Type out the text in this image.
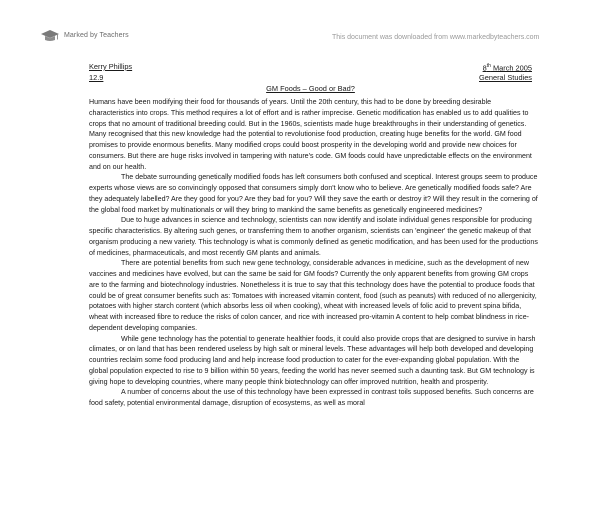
Marked by Teachers	This document was downloaded from www.markedbyteachers.com
Kerry Phillips
12.9
8th March 2005
General Studies
GM Foods – Good or Bad?

Humans have been modifying their food for thousands of years. Until the 20th century, this had to be done by breeding desirable characteristics into crops. This method requires a lot of effort and is rather imprecise. Genetic modification has enabled us to add qualities to crops that no amount of traditional breeding could. But in the 1960s, scientists made huge breakthroughs in their understanding of genetics. Many recognised that this new knowledge had the potential to revolutionise food production, creating huge benefits for the world. GM food promises to provide enormous benefits. Many modified crops could boost prosperity in the developing world and provide new choices for consumers. But there are huge risks involved in tampering with nature's code. GM foods could have unpredictable effects on the environment and on our health.

The debate surrounding genetically modified foods has left consumers both confused and sceptical. Interest groups seem to produce experts whose views are so convincingly opposed that consumers simply don't know who to believe. Are genetically modified foods safe? Are they adequately labelled? Are they good for you? Are they bad for you? Will they save the earth or destroy it? Will they result in the cornering of the global food market by multinationals or will they bring to mankind the same benefits as genetically engineered medicines?

Due to huge advances in science and technology, scientists can now identify and isolate individual genes responsible for producing specific characteristics. By altering such genes, or transferring them to another organism, scientists can 'engineer' the genetic makeup of that organism producing a new variety. This technology is what is commonly defined as genetic modification, and has been used for the productions of medicines, pharmaceuticals, and most recently GM plants and animals.

There are potential benefits from such new gene technology, considerable advances in medicine, such as the development of new vaccines and medicines have evolved, but can the same be said for GM foods? Currently the only apparent benefits from growing GM crops are to the farming and biotechnology industries. Nonetheless it is true to say that this technology does have the potential to produce foods that could be of great consumer benefits such as: Tomatoes with increased vitamin content, food (such as peanuts) with reduced of no allergenicity, potatoes with higher starch content (which absorbs less oil when cooking), wheat with increased levels of folic acid to prevent spina bifida, wheat with increased fibre to reduce the risks of colon cancer, and rice with increased pro-vitamin A content to help combat blindness in rice-dependent developing companies.

While gene technology has the potential to generate healthier foods, it could also provide crops that are designed to survive in harsh climates, or on land that has been rendered useless by high salt or mineral levels. These advantages will help both developed and developing countries reclaim some food producing land and help increase food production to cater for the ever-expanding global population. With the global population expected to rise to 9 billion within 50 years, feeding the world has never seemed such a daunting task. But GM technology is giving hope to developing countries, where many people think biotechnology can offer improved nutrition, health and prosperity.

A number of concerns about the use of this technology have been expressed in contrast toils supposed benefits. Such concerns are food safety, potential environmental damage, disruption of ecosystems, as well as moral
